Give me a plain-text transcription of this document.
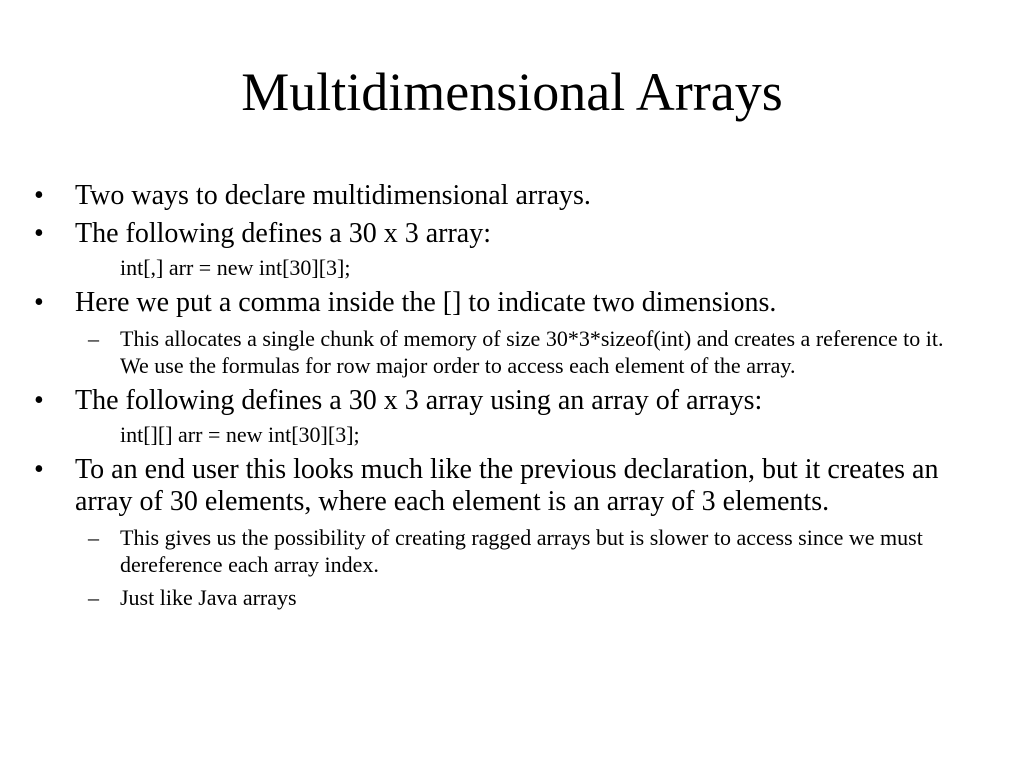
Multidimensional Arrays
• Two ways to declare multidimensional arrays.
• The following defines a 30 x 3 array:
int[,] arr = new int[30][3];
• Here we put a comma inside the [] to indicate two dimensions.
– This allocates a single chunk of memory of size 30*3*sizeof(int) and creates a reference to it. We use the formulas for row major order to access each element of the array.
• The following defines a 30 x 3 array using an array of arrays:
int[][] arr = new int[30][3];
• To an end user this looks much like the previous declaration, but it creates an array of 30 elements, where each element is an array of 3 elements.
– This gives us the possibility of creating ragged arrays but is slower to access since we must dereference each array index.
– Just like Java arrays
